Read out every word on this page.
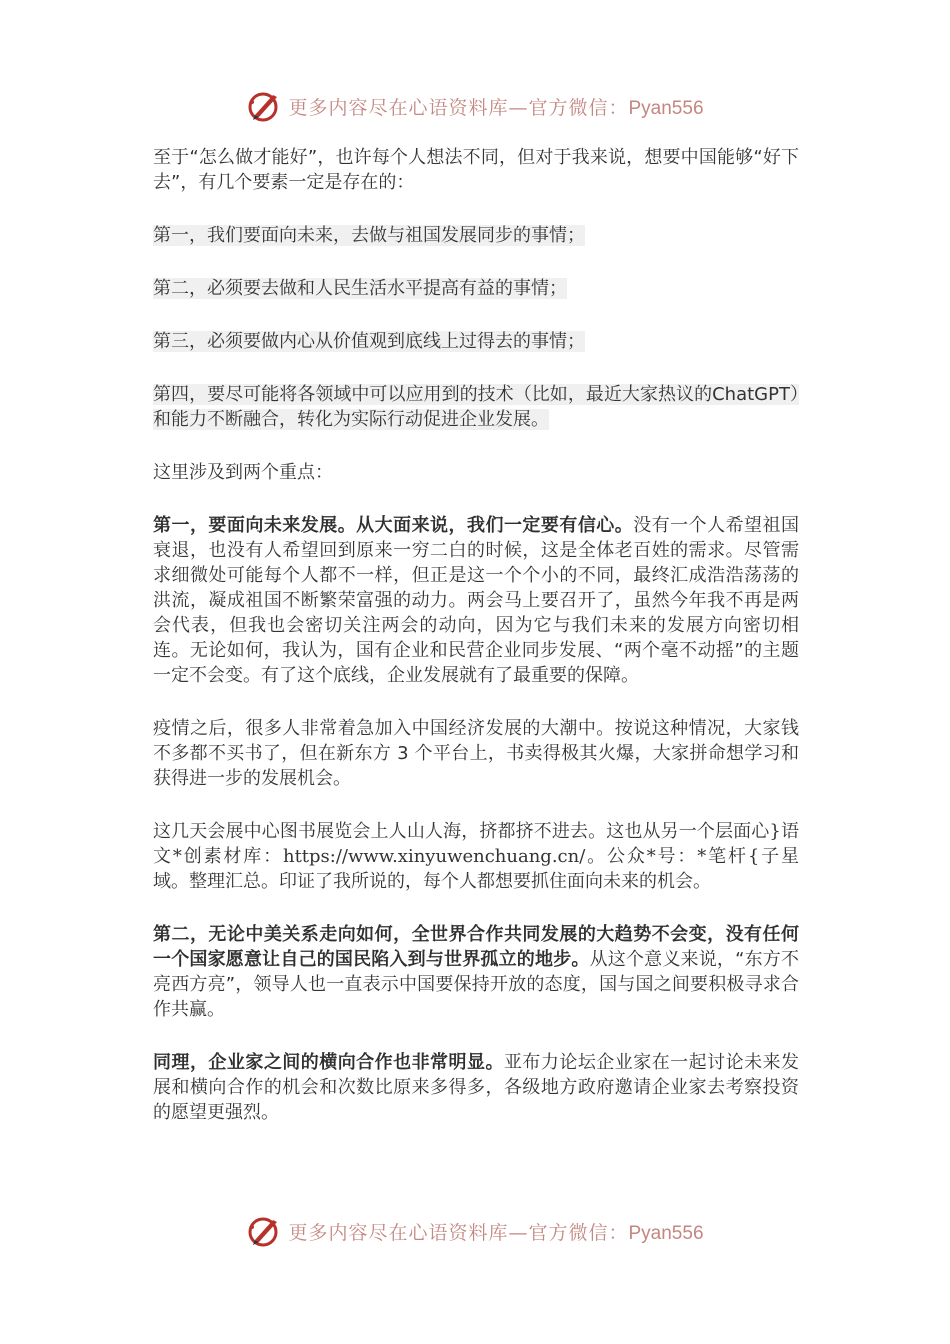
更多内容尽在心语资料库—官方微信：Pyan556

至于“怎么做才能好”，也许每个人想法不同，但对于我来说，想要中国能够“好下去”，有几个要素一定是存在的：

第一，我们要面向未来，去做与祖国发展同步的事情；

第二，必须要去做和人民生活水平提高有益的事情；

第三，必须要做内心从价值观到底线上过得去的事情；

第四，要尽可能将各领域中可以应用到的技术（比如，最近大家热议的ChatGPT）和能力不断融合，转化为实际行动促进企业发展。

这里涉及到两个重点：

第一，要面向未来发展。从大面来说，我们一定要有信心。没有一个人希望祖国衰退，也没有人希望回到原来一穷二白的时候，这是全体老百姓的需求。尽管需求细微处可能每个人都不一样，但正是这一个个小的不同，最终汇成浩浩荡荡的洪流，凝成祖国不断繁荣富强的动力。两会马上要召开了，虽然今年我不再是两会代表，但我也会密切关注两会的动向，因为它与我们未来的发展方向密切相连。无论如何，我认为，国有企业和民营企业同步发展、“两个毫不动摇”的主题一定不会变。有了这个底线，企业发展就有了最重要的保障。

疫情之后，很多人非常着急加入中国经济发展的大潮中。按说这种情况，大家钱不多都不买书了，但在新东方 3 个平台上，书卖得极其火爆，大家拼命想学习和获得进一步的发展机会。

这几天会展中心图书展览会上人山人海，挤都挤不进去。这也从另一个层面心}语文*创素材库：https://www.xinyuwenchuang.cn/。公众*号：*笔杆{子星域。整理汇总。印证了我所说的，每个人都想要抓住面向未来的机会。

第二，无论中美关系走向如何，全世界合作共同发展的大趋势不会变，没有任何一个国家愿意让自己的国民陷入到与世界孤立的地步。从这个意义来说，“东方不亮西方亮”，领导人也一直表示中国要保持开放的态度，国与国之间要积极寻求合作共赢。

同理，企业家之间的横向合作也非常明显。亚布力论坛企业家在一起讨论未来发展和横向合作的机会和次数比原来多得多，各级地方政府邀请企业家去考察投资的愿望更强烈。

更多内容尽在心语资料库—官方微信：Pyan556
